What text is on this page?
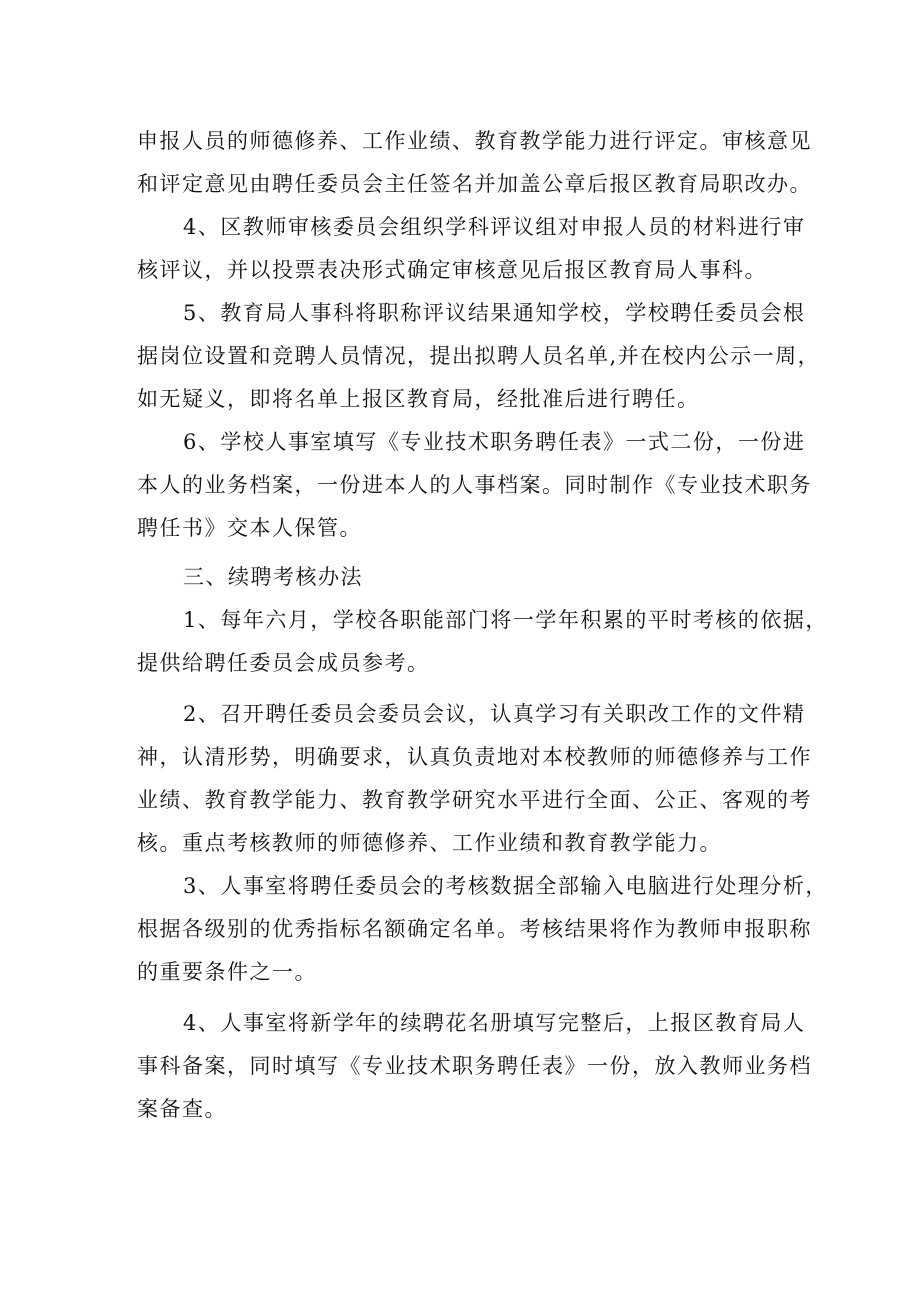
申报人员的师德修养、工作业绩、教育教学能力进行评定。审核意见
和评定意见由聘任委员会主任签名并加盖公章后报区教育局职改办。
4、区教师审核委员会组织学科评议组对申报人员的材料进行审
核评议，并以投票表决形式确定审核意见后报区教育局人事科。
5、教育局人事科将职称评议结果通知学校，学校聘任委员会根
据岗位设置和竞聘人员情况，提出拟聘人员名单,并在校内公示一周，
如无疑义，即将名单上报区教育局，经批准后进行聘任。
6、学校人事室填写《专业技术职务聘任表》一式二份，一份进
本人的业务档案，一份进本人的人事档案。同时制作《专业技术职务
聘任书》交本人保管。
三、续聘考核办法
1、每年六月，学校各职能部门将一学年积累的平时考核的依据，
提供给聘任委员会成员参考。
2、召开聘任委员会委员会议，认真学习有关职改工作的文件精
神，认清形势，明确要求，认真负责地对本校教师的师德修养与工作
业绩、教育教学能力、教育教学研究水平进行全面、公正、客观的考
核。重点考核教师的师德修养、工作业绩和教育教学能力。
3、人事室将聘任委员会的考核数据全部输入电脑进行处理分析，
根据各级别的优秀指标名额确定名单。考核结果将作为教师申报职称
的重要条件之一。
4、人事室将新学年的续聘花名册填写完整后，上报区教育局人
事科备案，同时填写《专业技术职务聘任表》一份，放入教师业务档
案备查。
